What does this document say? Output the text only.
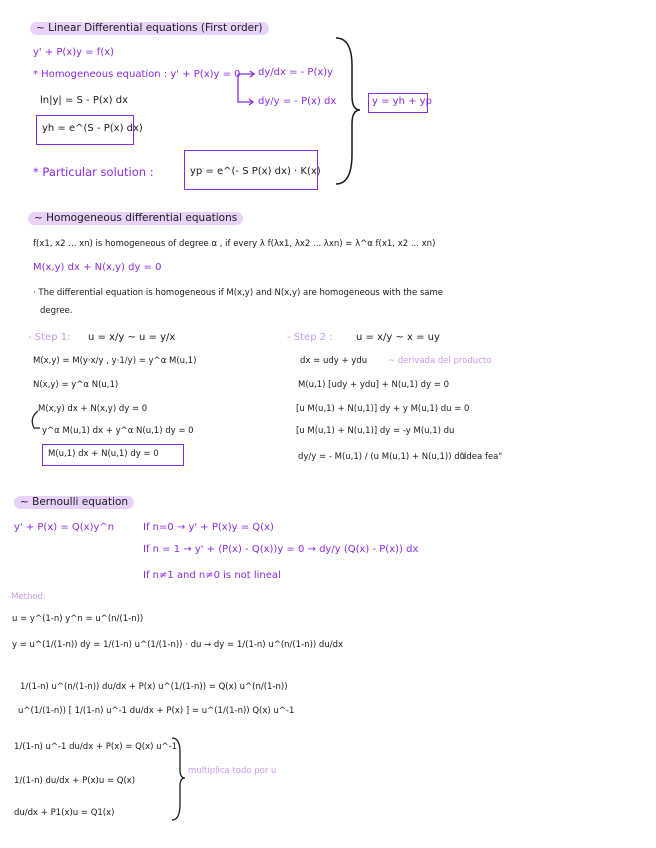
~ Linear Differential equations (First order)
y' + P(x)y = f(x)
* Homogeneous equation : y' + P(x)y = 0 dy/dx = - P(x)y
dy/y = - P(x) dx
ln|y| = S - P(x) dx
yh = e^(S - P(x) dx)
y = yh + yp
* Particular solution :	yp = e^(- S P(x) dx) · K(x)
~ Homogeneous differential equations
f(x1, x2 ... xn) is homogeneous of degree α , if every λ f(λx1, λx2 ... λxn) = λ^α f(x1, x2 ... xn)
M(x,y) dx + N(x,y) dy = 0
· The differential equation is homogeneous if M(x,y) and N(x,y) are homogeneous with the same
degree.
- Step 1: u = x/y ~ u = y/x
M(x,y) = M(y·x/y , y·1/y) = y^α M(u,1)
N(x,y) = y^α N(u,1)
M(x,y) dx + N(x,y) dy = 0
y^α M(u,1) dx + y^α N(u,1) dy = 0
M(u,1) dx + N(u,1) dy = 0
- Step 2 : u = x/y ~ x = uy
dx = udy + ydu ~ derivada del producto
M(u,1) [udy + ydu] + N(u,1) dy = 0
[u M(u,1) + N(u,1)] dy + y M(u,1) du = 0
[u M(u,1) + N(u,1)] dy = -y M(u,1) du
dy/y = - M(u,1) / (u M(u,1) + N(u,1)) du
"Idea fea"
~ Bernoulli equation
y' + P(x) = Q(x)y^n	If n=0 → y' + P(x)y = Q(x)
If n = 1 → y' + (P(x) - Q(x))y = 0 → dy/y (Q(x) - P(x)) dx
If n≠1 and n≠0 is not lineal
-Method:
u = y^(1-n) y^n = u^(n/(1-n))
y = u^(1/(1-n)) dy = 1/(1-n) u^(1/(1-n)) · du → dy = 1/(1-n) u^(n/(1-n)) du/dx
1/(1-n) u^(n/(1-n)) du/dx + P(x) u^(1/(1-n)) = Q(x) u^(n/(1-n))
u^(1/(1-n)) [ 1/(1-n) u^-1 du/dx + P(x) ] = u^(1/(1-n)) Q(x) u^-1
1/(1-n) u^-1 du/dx + P(x) = Q(x) u^-1
1/(1-n) du/dx + P(x)u = Q(x)
du/dx + P1(x)u = Q1(x)
multiplica todo por u
